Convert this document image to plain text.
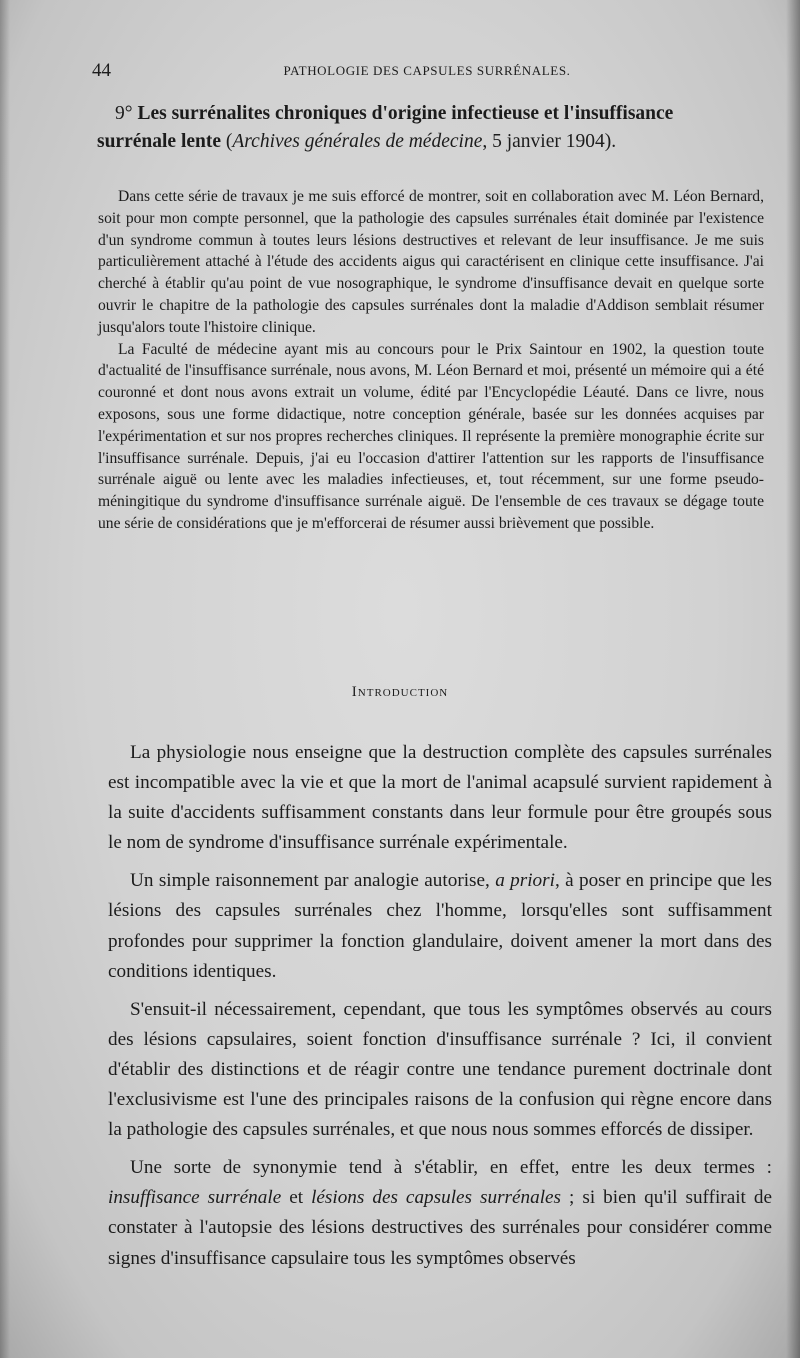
44	PATHOLOGIE DES CAPSULES SURRÉNALES.
9° Les surrénalites chroniques d'origine infectieuse et l'insuffisance surrénale lente (Archives générales de médecine, 5 janvier 1904).

Dans cette série de travaux je me suis efforcé de montrer, soit en collaboration avec M. Léon Bernard, soit pour mon compte personnel, que la pathologie des capsules surrénales était dominée par l'existence d'un syndrome commun à toutes leurs lésions destructives et relevant de leur insuffisance. Je me suis particulièrement attaché à l'étude des accidents aigus qui caractérisent en clinique cette insuffisance. J'ai cherché à établir qu'au point de vue nosographique, le syndrome d'insuffisance devait en quelque sorte ouvrir le chapitre de la pathologie des capsules surrénales dont la maladie d'Addison semblait résumer jusqu'alors toute l'histoire clinique.

La Faculté de médecine ayant mis au concours pour le Prix Saintour en 1902, la question toute d'actualité de l'insuffisance surrénale, nous avons, M. Léon Bernard et moi, présenté un mémoire qui a été couronné et dont nous avons extrait un volume, édité par l'Encyclopédie Léauté. Dans ce livre, nous exposons, sous une forme didactique, notre conception générale, basée sur les données acquises par l'expérimentation et sur nos propres recherches cliniques. Il représente la première monographie écrite sur l'insuffisance surrénale. Depuis, j'ai eu l'occasion d'attirer l'attention sur les rapports de l'insuffisance surrénale aiguë ou lente avec les maladies infectieuses, et, tout récemment, sur une forme pseudo-méningitique du syndrome d'insuffisance surrénale aiguë. De l'ensemble de ces travaux se dégage toute une série de considérations que je m'efforcerai de résumer aussi brièvement que possible.

Introduction

La physiologie nous enseigne que la destruction complète des capsules surrénales est incompatible avec la vie et que la mort de l'animal acapsulé survient rapidement à la suite d'accidents suffisamment constants dans leur formule pour être groupés sous le nom de syndrome d'insuffisance surrénale expérimentale.

Un simple raisonnement par analogie autorise, a priori, à poser en principe que les lésions des capsules surrénales chez l'homme, lorsqu'elles sont suffisamment profondes pour supprimer la fonction glandulaire, doivent amener la mort dans des conditions identiques.

S'ensuit-il nécessairement, cependant, que tous les symptômes observés au cours des lésions capsulaires, soient fonction d'insuffisance surrénale ? Ici, il convient d'établir des distinctions et de réagir contre une tendance purement doctrinale dont l'exclusivisme est l'une des principales raisons de la confusion qui règne encore dans la pathologie des capsules surrénales, et que nous nous sommes efforcés de dissiper.

Une sorte de synonymie tend à s'établir, en effet, entre les deux termes : insuffisance surrénale et lésions des capsules surrénales ; si bien qu'il suffirait de constater à l'autopsie des lésions destructives des surrénales pour considérer comme signes d'insuffisance capsulaire tous les symptômes observés
